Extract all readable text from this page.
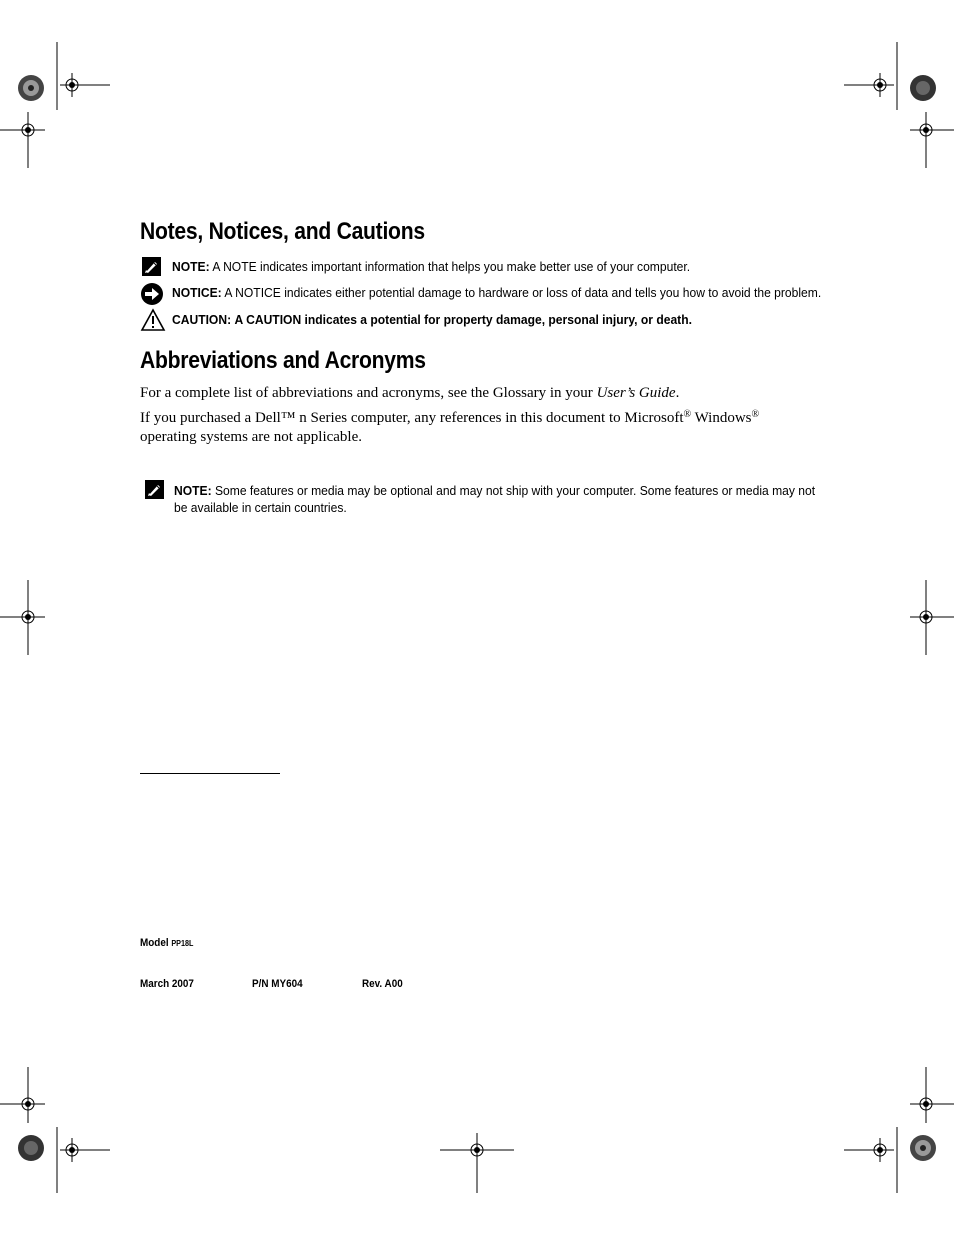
Notes, Notices, and Cautions
NOTE: A NOTE indicates important information that helps you make better use of your computer.
NOTICE: A NOTICE indicates either potential damage to hardware or loss of data and tells you how to avoid the problem.
CAUTION: A CAUTION indicates a potential for property damage, personal injury, or death.
Abbreviations and Acronyms
For a complete list of abbreviations and acronyms, see the Glossary in your User’s Guide.
If you purchased a Dell™ n Series computer, any references in this document to Microsoft® Windows®
operating systems are not applicable.
NOTE: Some features or media may be optional and may not ship with your computer. Some features or media may not be available in certain countries.
Model PP18L
March 2007	P/N MY604	Rev. A00
